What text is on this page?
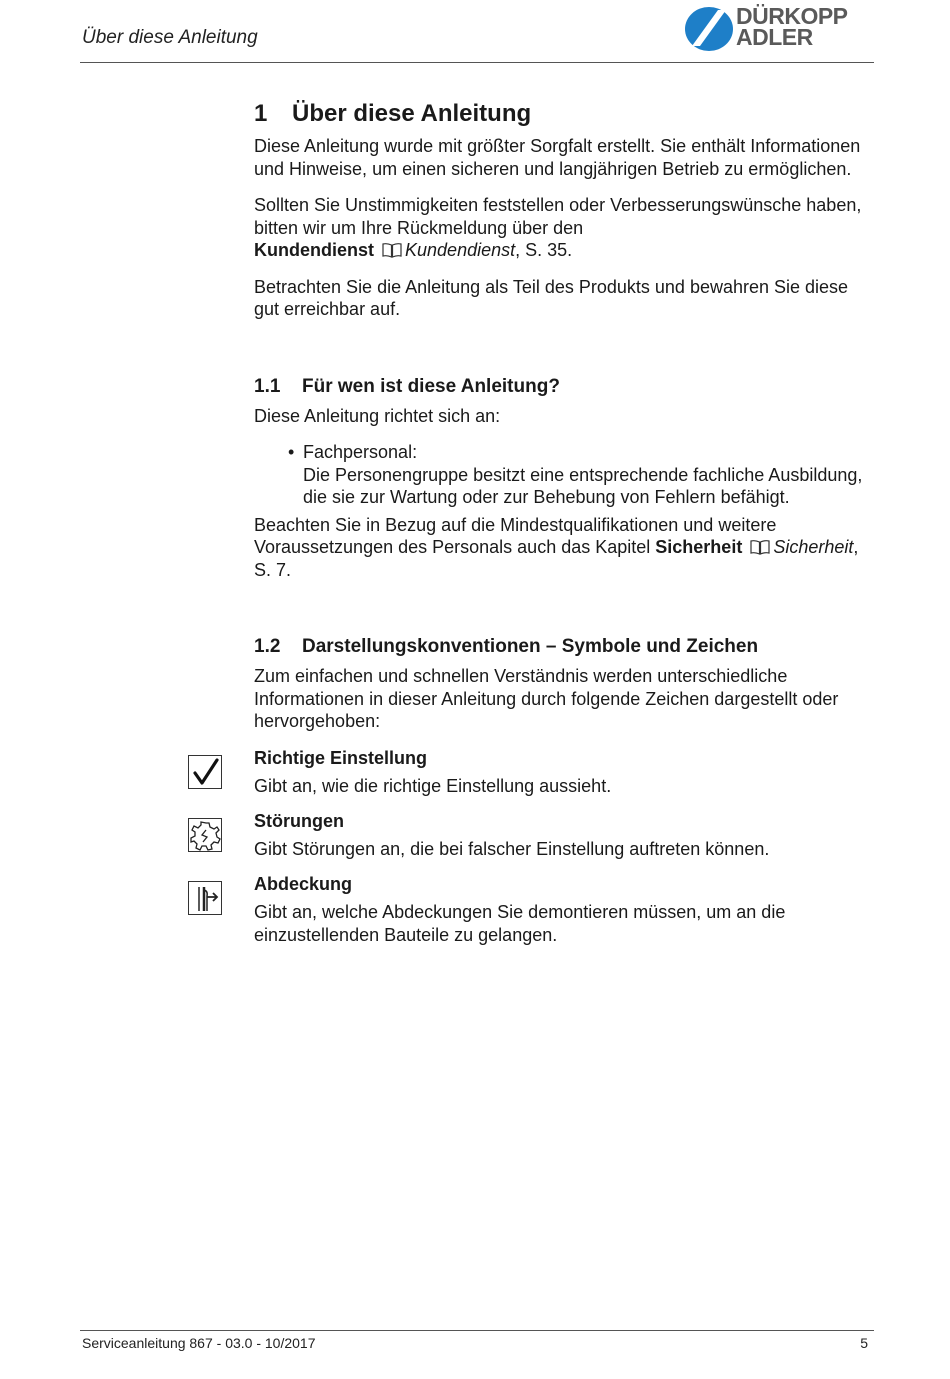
Über diese Anleitung
DÜRKOPP
ADLER
1 Über diese Anleitung

Diese Anleitung wurde mit größter Sorgfalt erstellt. Sie enthält Informationen und Hinweise, um einen sicheren und langjährigen Betrieb zu ermöglichen.

Sollten Sie Unstimmigkeiten feststellen oder Verbesserungswünsche haben, bitten wir um Ihre Rückmeldung über den
Kundendienst Kundendienst, S. 35.

Betrachten Sie die Anleitung als Teil des Produkts und bewahren Sie diese gut erreichbar auf.

1.1 Für wen ist diese Anleitung?

Diese Anleitung richtet sich an:

• Fachpersonal:
Die Personengruppe besitzt eine entsprechende fachliche Ausbildung, die sie zur Wartung oder zur Behebung von Fehlern befähigt.

Beachten Sie in Bezug auf die Mindestqualifikationen und weitere Voraussetzungen des Personals auch das Kapitel Sicherheit Sicherheit, S. 7.

1.2 Darstellungskonventionen – Symbole und Zeichen

Zum einfachen und schnellen Verständnis werden unterschiedliche Informationen in dieser Anleitung durch folgende Zeichen dargestellt oder hervorgehoben:

Richtige Einstellung

Gibt an, wie die richtige Einstellung aussieht.

Störungen

Gibt Störungen an, die bei falscher Einstellung auftreten können.

Abdeckung

Gibt an, welche Abdeckungen Sie demontieren müssen, um an die einzustellenden Bauteile zu gelangen.

Serviceanleitung 867 - 03.0 - 10/2017	5
